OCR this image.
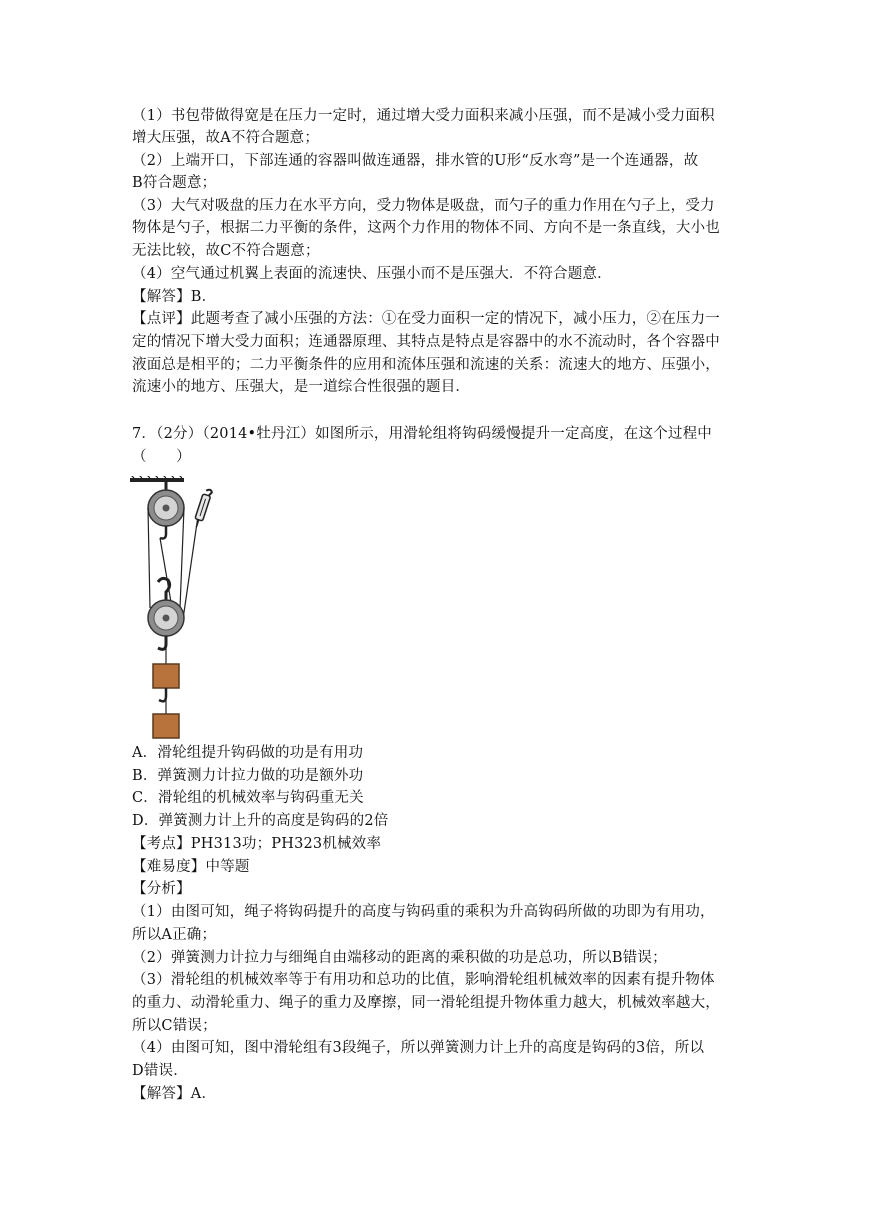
（1）书包带做得宽是在压力一定时，通过增大受力面积来减小压强，而不是减小受力面积
增大压强，故A不符合题意；
（2）上端开口，下部连通的容器叫做连通器，排水管的U形“反水弯”是一个连通器，故
B符合题意；
（3）大气对吸盘的压力在水平方向，受力物体是吸盘，而勺子的重力作用在勺子上，受力
物体是勺子，根据二力平衡的条件，这两个力作用的物体不同、方向不是一条直线，大小也
无法比较，故C不符合题意；
（4）空气通过机翼上表面的流速快、压强小而不是压强大．不符合题意．
【解答】B．
【点评】此题考查了减小压强的方法：①在受力面积一定的情况下，减小压力，②在压力一
定的情况下增大受力面积；连通器原理、其特点是特点是容器中的水不流动时，各个容器中
液面总是相平的；二力平衡条件的应用和流体压强和流速的关系：流速大的地方、压强小，
流速小的地方、压强大，是一道综合性很强的题目．
7．（2分）（2014•牡丹江）如图所示，用滑轮组将钩码缓慢提升一定高度，在这个过程中
（　　）
A．滑轮组提升钩码做的功是有用功
B．弹簧测力计拉力做的功是额外功
C．滑轮组的机械效率与钩码重无关
D．弹簧测力计上升的高度是钩码的2倍
【考点】PH313功；PH323机械效率
【难易度】中等题
【分析】
（1）由图可知，绳子将钩码提升的高度与钩码重的乘积为升高钩码所做的功即为有用功，
所以A正确；
（2）弹簧测力计拉力与细绳自由端移动的距离的乘积做的功是总功，所以B错误；
（3）滑轮组的机械效率等于有用功和总功的比值，影响滑轮组机械效率的因素有提升物体
的重力、动滑轮重力、绳子的重力及摩擦，同一滑轮组提升物体重力越大，机械效率越大，
所以C错误；
（4）由图可知，图中滑轮组有3段绳子，所以弹簧测力计上升的高度是钩码的3倍，所以
D错误．
【解答】A．
